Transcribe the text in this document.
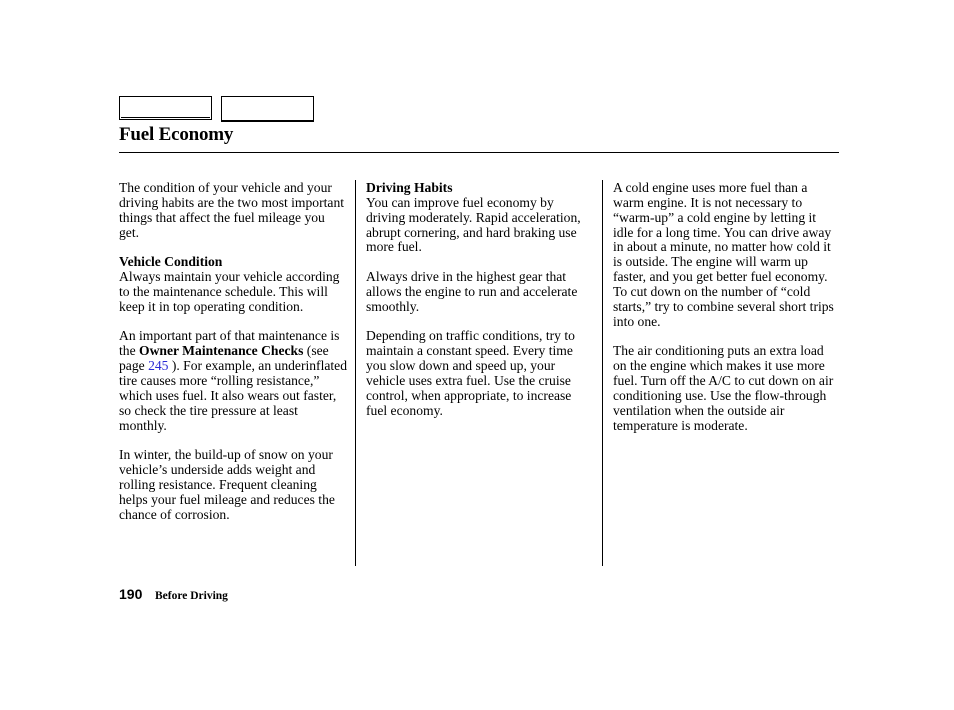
Fuel Economy

The condition of your vehicle and your driving habits are the two most important things that affect the fuel mileage you get.

Vehicle Condition

Always maintain your vehicle according to the maintenance schedule. This will keep it in top operating condition.

An important part of that maintenance is the Owner Maintenance Checks (see page 245 ). For example, an underinflated tire causes more “rolling resistance,” which uses fuel. It also wears out faster, so check the tire pressure at least monthly.

In winter, the build-up of snow on your vehicle’s underside adds weight and rolling resistance. Frequent cleaning helps your fuel mileage and reduces the chance of corrosion.

Driving Habits

You can improve fuel economy by driving moderately. Rapid acceleration, abrupt cornering, and hard braking use more fuel.

Always drive in the highest gear that allows the engine to run and accelerate smoothly.

Depending on traffic conditions, try to maintain a constant speed. Every time you slow down and speed up, your vehicle uses extra fuel. Use the cruise control, when appropriate, to increase fuel economy.

A cold engine uses more fuel than a warm engine. It is not necessary to “warm-up” a cold engine by letting it idle for a long time. You can drive away in about a minute, no matter how cold it is outside. The engine will warm up faster, and you get better fuel economy. To cut down on the number of “cold starts,” try to combine several short trips into one.

The air conditioning puts an extra load on the engine which makes it use more fuel. Turn off the A/C to cut down on air conditioning use. Use the flow-through ventilation when the outside air temperature is moderate.

190 Before Driving
